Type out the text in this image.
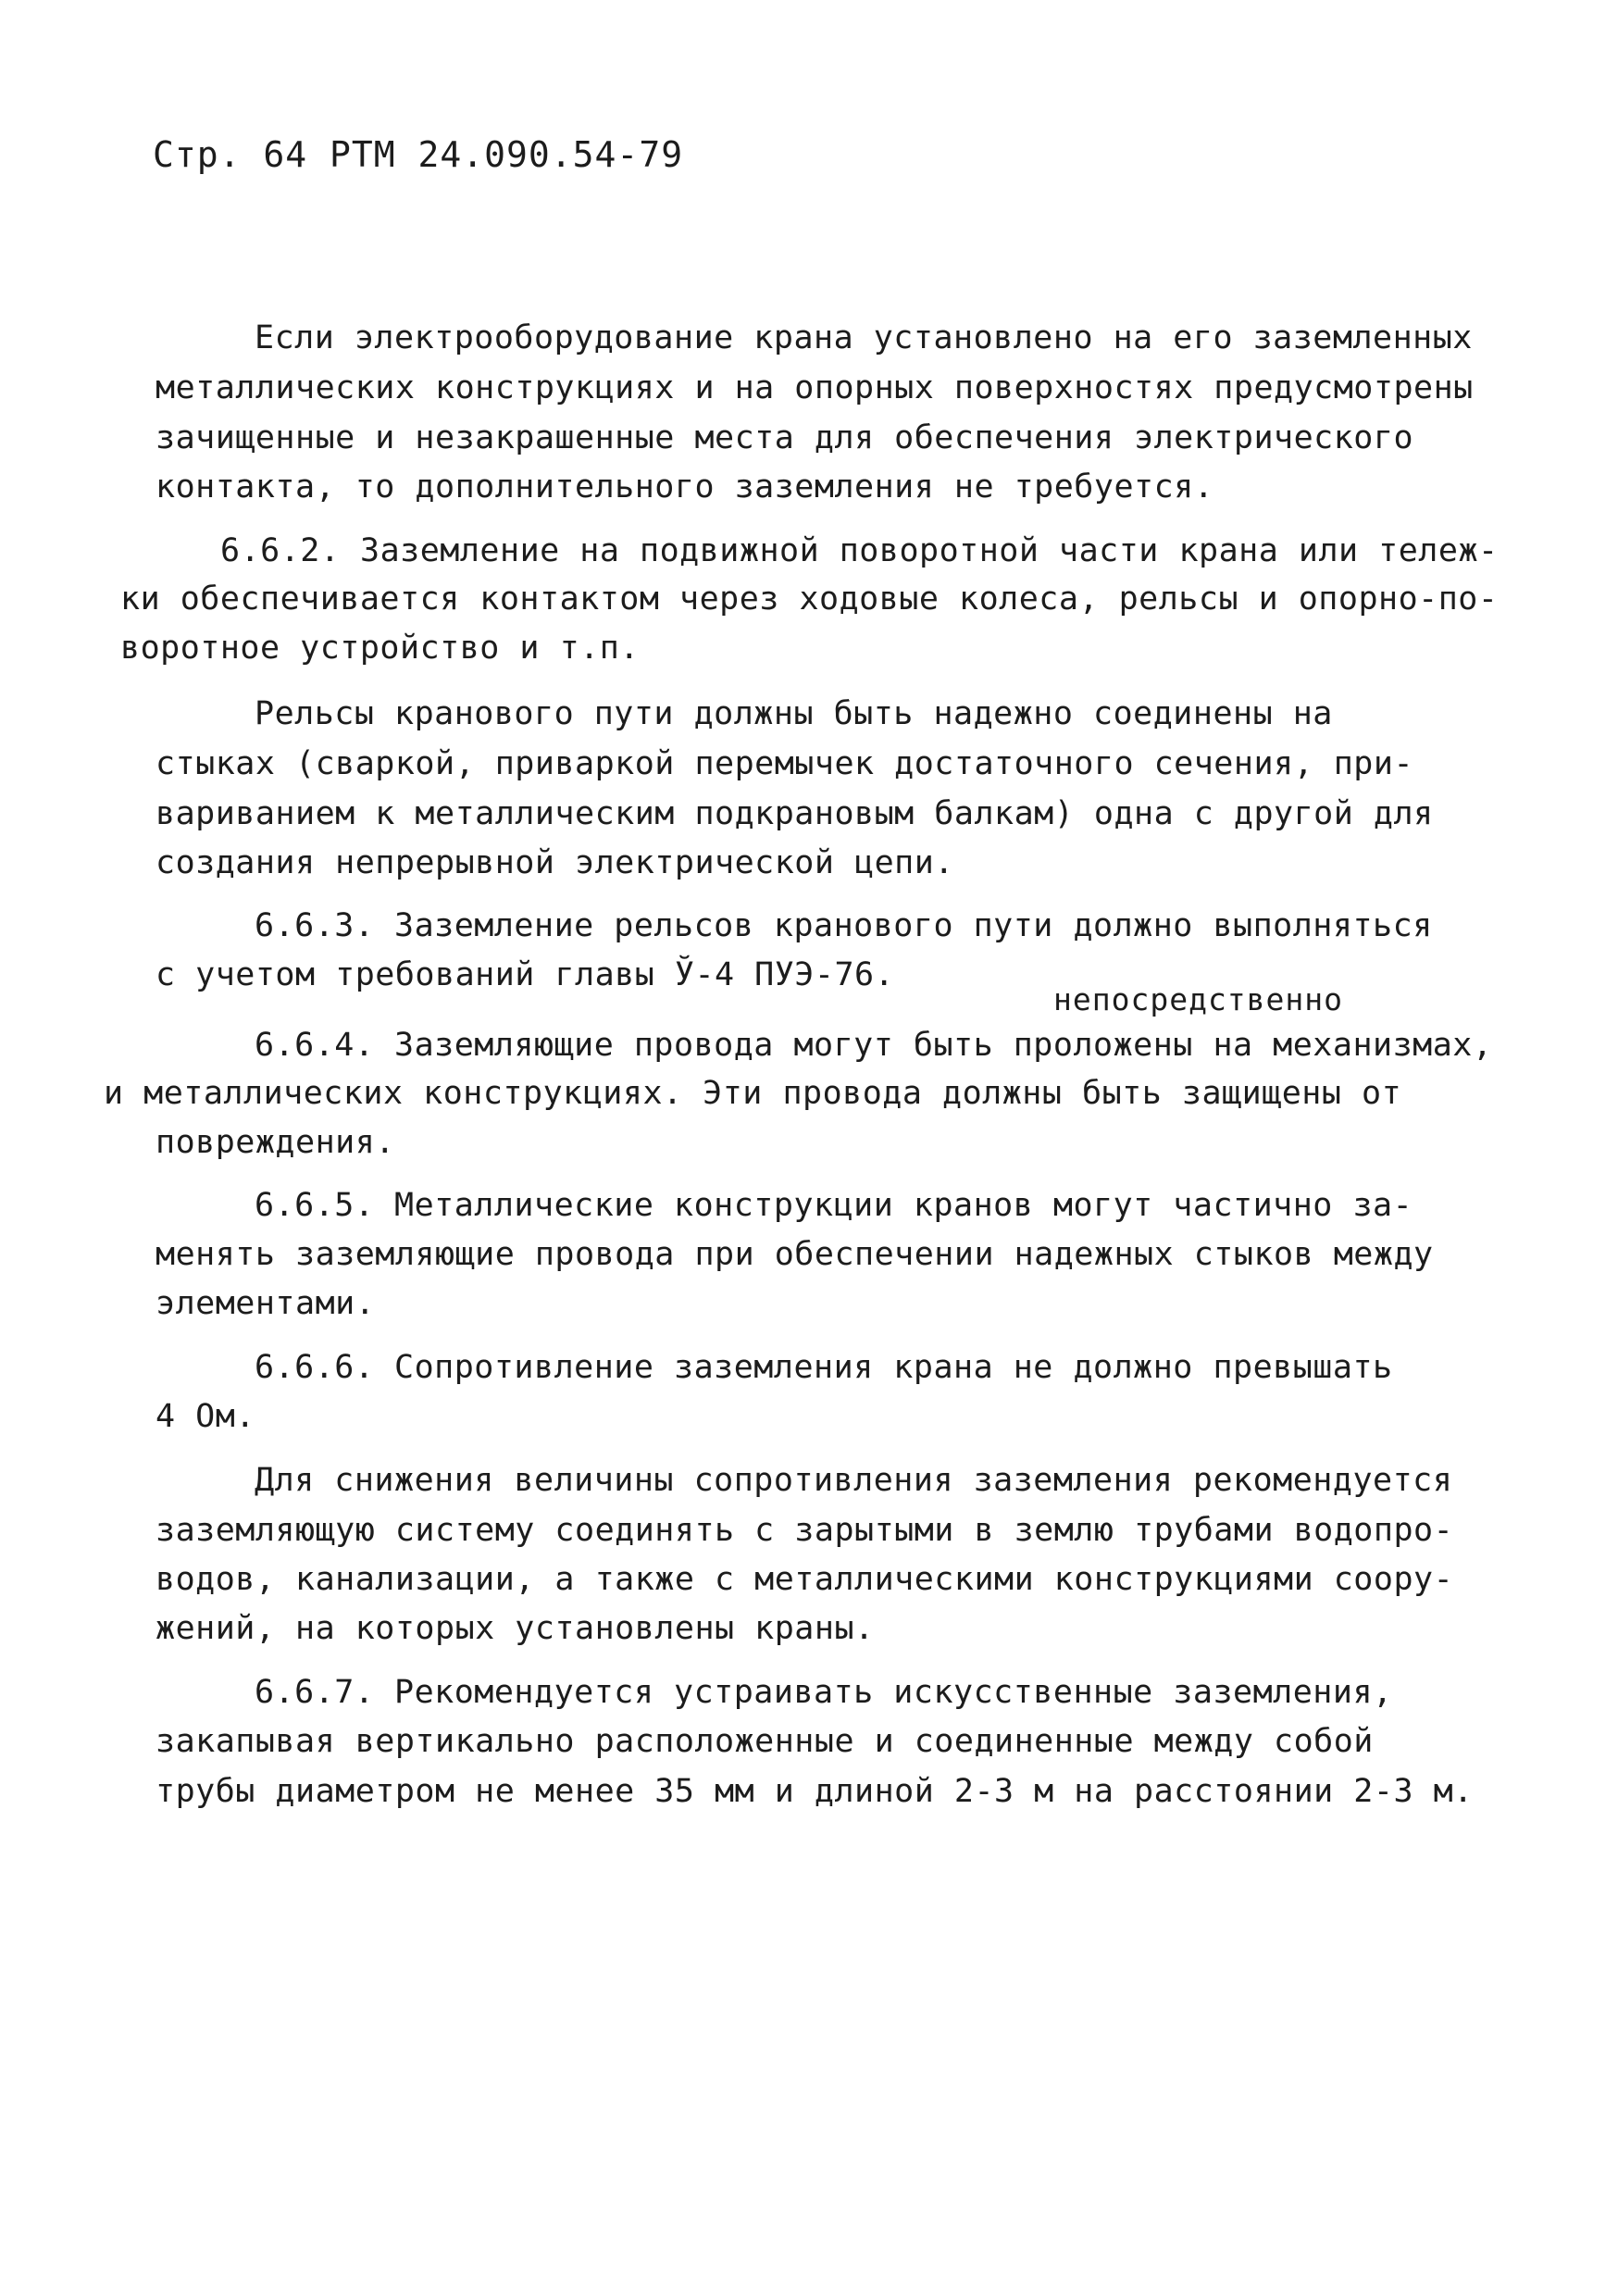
Стр. 64 РТМ 24.090.54-79
Если электрооборудование крана установлено на его заземленных
металлических конструкциях и на опорных поверхностях предусмотрены
зачищенные и незакрашенные места для обеспечения электрического
контакта, то дополнительного заземления не требуется.
6.6.2. Заземление на подвижной поворотной части крана или тележ-
ки обеспечивается контактом через ходовые колеса, рельсы и опорно-по-
воротное устройство и т.п.
Рельсы кранового пути должны быть надежно соединены на
стыках (сваркой, приваркой перемычек достаточного сечения, при-
вариванием к металлическим подкрановым балкам) одна с другой для
создания непрерывной электрической цепи.
6.6.3. Заземление рельсов кранового пути должно выполняться
с учетом требований главы Ў-4 ПУЭ-76.
непосредственно
6.6.4. Заземляющие провода могут быть проложены на механизмах,
и металлических конструкциях. Эти провода должны быть защищены от
повреждения.
6.6.5. Металлические конструкции кранов могут частично за-
менять заземляющие провода при обеспечении надежных стыков между
элементами.
6.6.6. Сопротивление заземления крана не должно превышать
4 Ом.
Для снижения величины сопротивления заземления рекомендуется
заземляющую систему соединять с зарытыми в землю трубами водопро-
водов, канализации, а также с металлическими конструкциями соору-
жений, на которых установлены краны.
6.6.7. Рекомендуется устраивать искусственные заземления,
закапывая вертикально расположенные и соединенные между собой
трубы диаметром не менее 35 мм и длиной 2-3 м на расстоянии 2-3 м.
